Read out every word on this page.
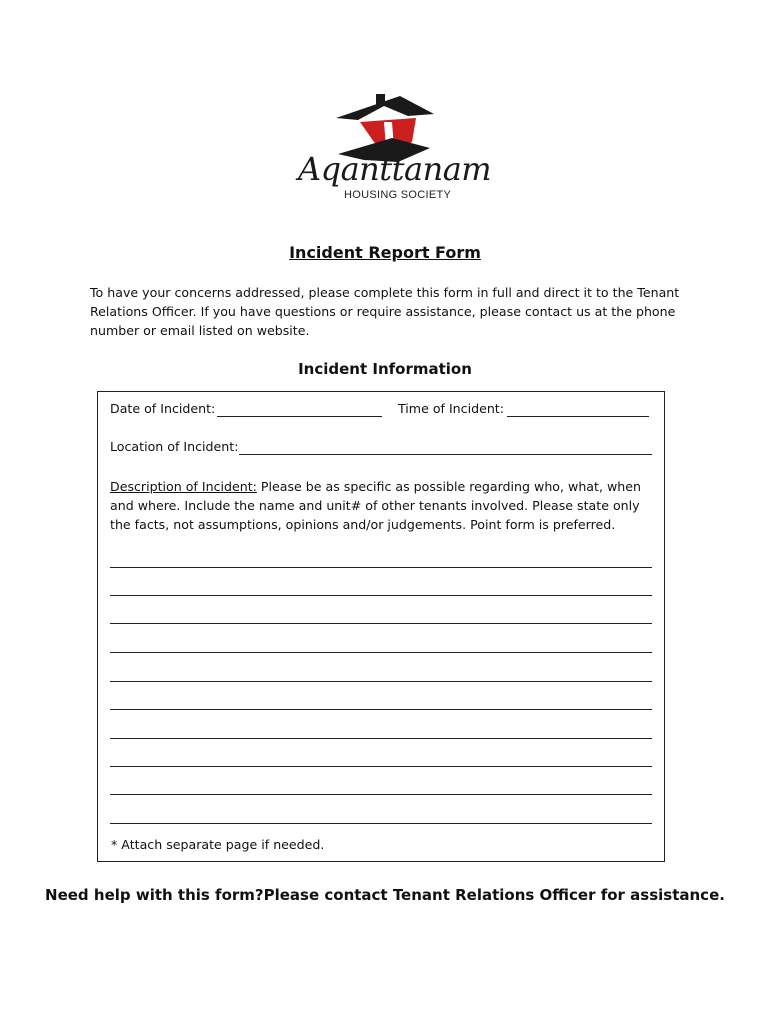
Aqanttanam
HOUSING SOCIETY
Incident Report Form
To have your concerns addressed, please complete this form in full and direct it to the Tenant Relations Officer. If you have questions or require assistance, please contact us at the phone number or email listed on website.
Incident Information
Date of Incident:	Time of Incident:
Location of Incident:
Description of Incident: Please be as specific as possible regarding who, what, when and where. Include the name and unit# of other tenants involved. Please state only the facts, not assumptions, opinions and/or judgements. Point form is preferred.
* Attach separate page if needed.
Need help with this form?Please contact Tenant Relations Officer for assistance.
